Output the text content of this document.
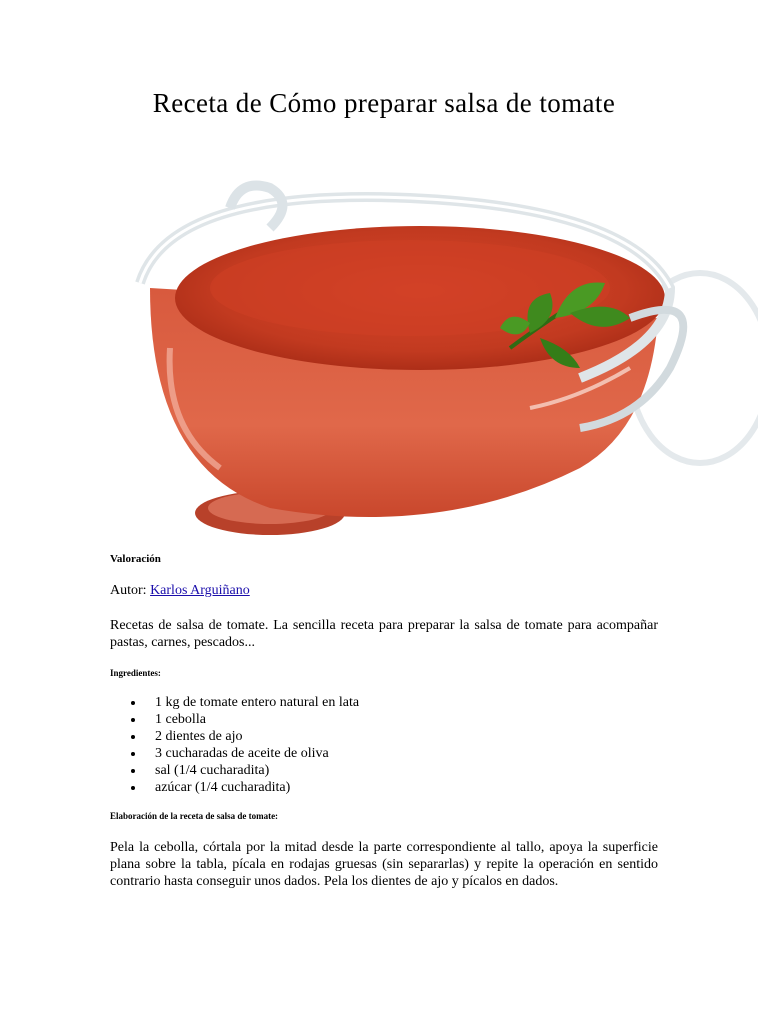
Receta de Cómo preparar salsa de tomate

Valoración

Autor: Karlos Arguiñano

Recetas de salsa de tomate. La sencilla receta para preparar la salsa de tomate para acompañar pastas, carnes, pescados...

Ingredientes:

1 kg de tomate entero natural en lata
1 cebolla
2 dientes de ajo
3 cucharadas de aceite de oliva
sal (1/4 cucharadita)
azúcar (1/4 cucharadita)

Elaboración de la receta de salsa de tomate:

Pela la cebolla, córtala por la mitad desde la parte correspondiente al tallo, apoya la superficie plana sobre la tabla, pícala en rodajas gruesas (sin separarlas) y repite la operación en sentido contrario hasta conseguir unos dados. Pela los dientes de ajo y pícalos en dados.
